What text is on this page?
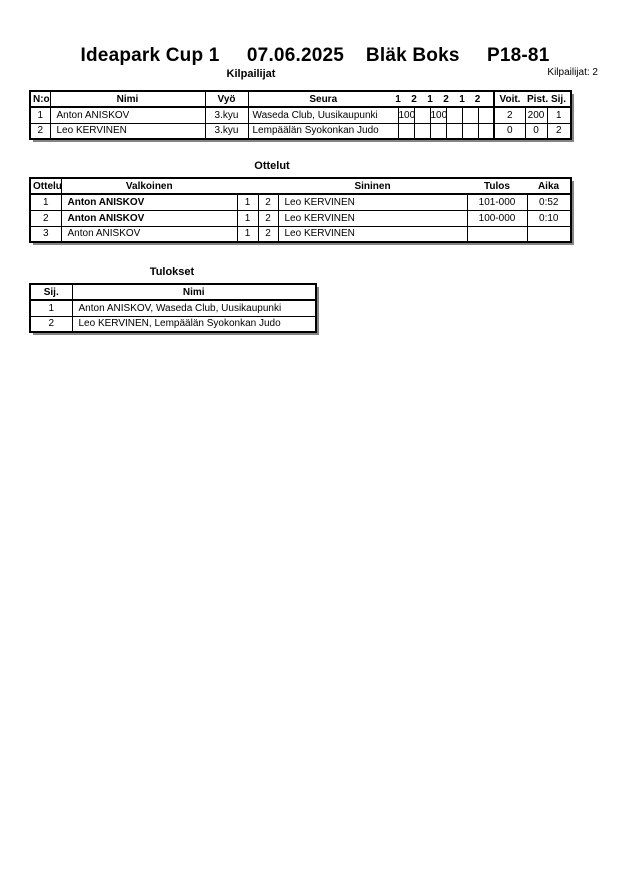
Ideapark Cup 1     07.06.2025    Bläk Boks     P18-81
Kilpailijat	Kilpailijat: 2
N:o	Nimi	Vyö	Seura	1	2	1	2	1	2	Voit.	Pist.	Sij.
1	Anton ANISKOV	3.kyu	Waseda Club, Uusikaupunki	100		100				2	200	1
2	Leo KERVINEN	3.kyu	Lempäälän Syokonkan Judo							0	0	2
Ottelut
Ottelu	Valkoinen			Sininen	Tulos	Aika
1	Anton ANISKOV	1	2	Leo KERVINEN	101-000	0:52
2	Anton ANISKOV	1	2	Leo KERVINEN	100-000	0:10
3	Anton ANISKOV	1	2	Leo KERVINEN		
Tulokset
Sij.	Nimi
1	Anton ANISKOV, Waseda Club, Uusikaupunki
2	Leo KERVINEN, Lempäälän Syokonkan Judo
